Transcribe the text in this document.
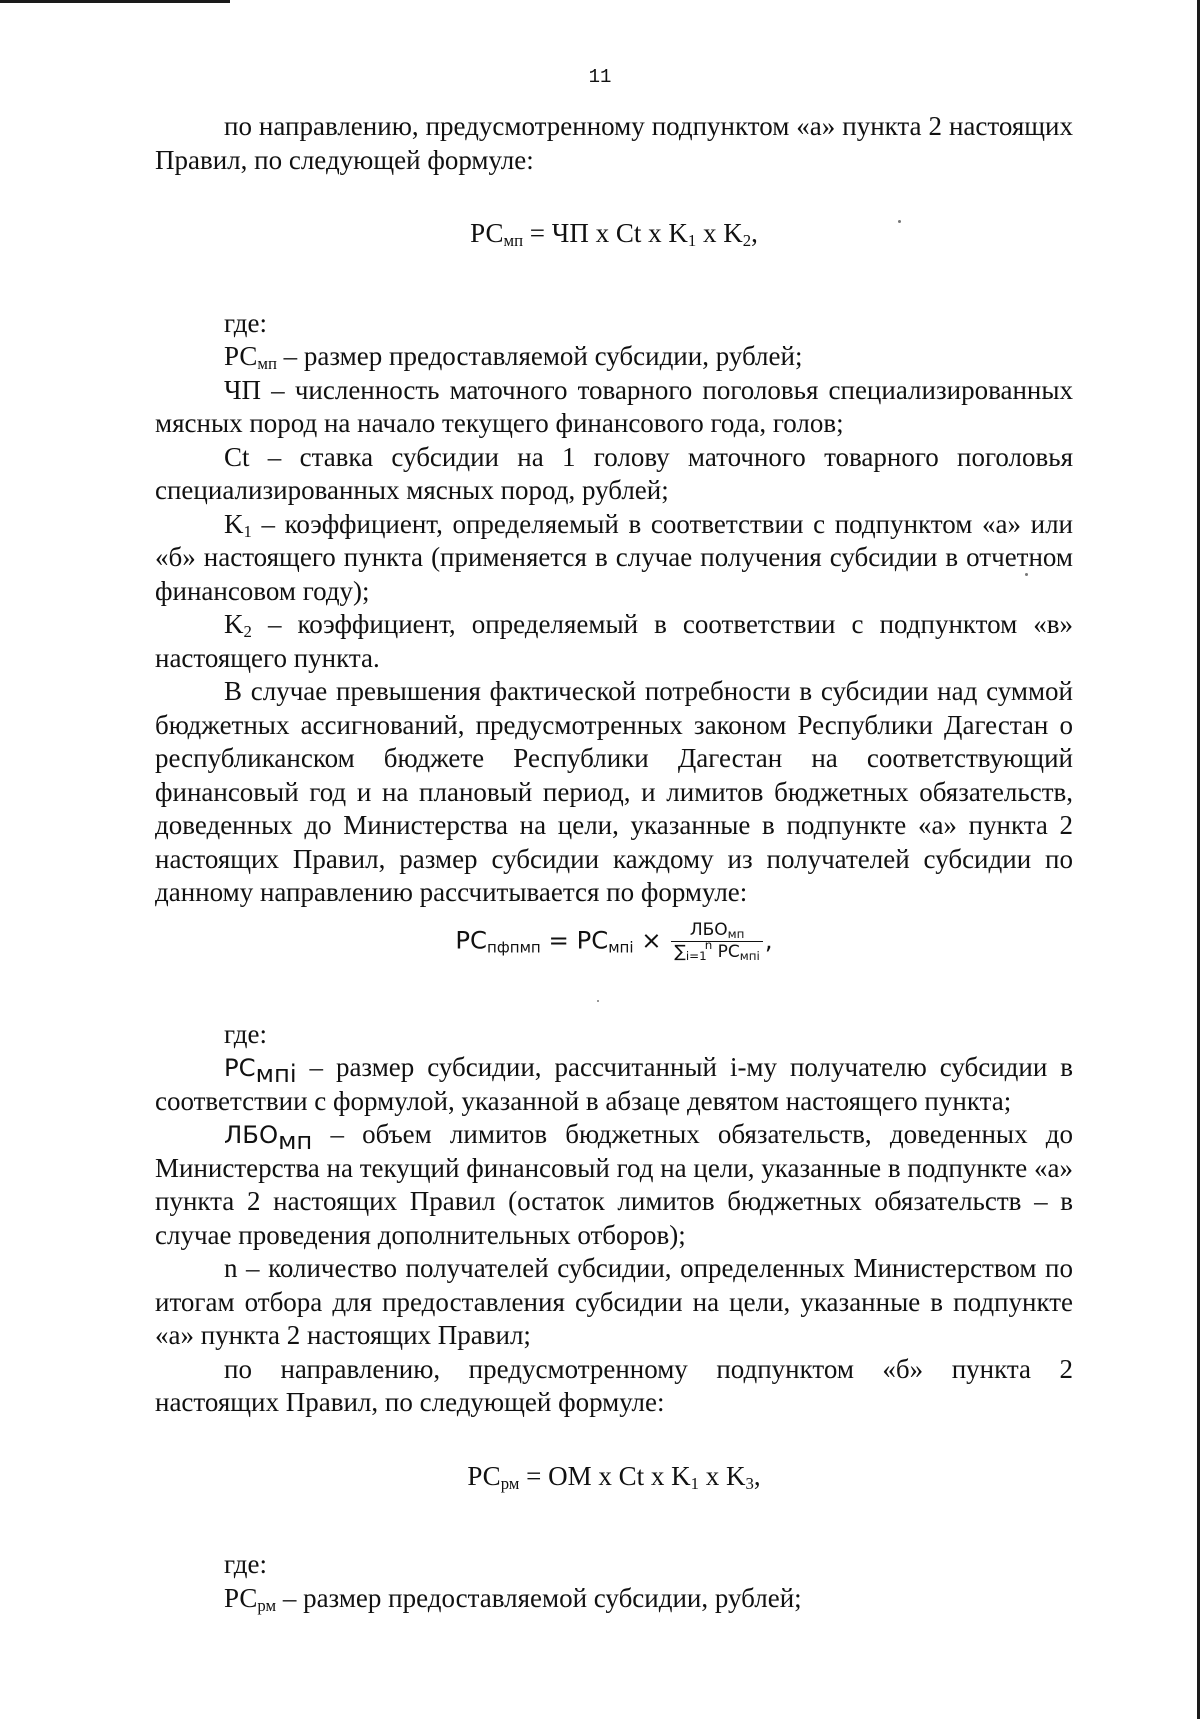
11

по направлению, предусмотренному подпунктом «а» пункта 2 настоящих Правил, по следующей формуле:

$РС_{мп}$ = ЧП x Ct x $K_1$ x $K_2$,

где:

$РС_{мп}$ – размер предоставляемой субсидии, рублей;

ЧП – численность маточного товарного поголовья специализированных мясных пород на начало текущего финансового года, голов;

Ct – ставка субсидии на 1 голову маточного товарного поголовья специализированных мясных пород, рублей;

$K_1$ – коэффициент, определяемый в соответствии с подпунктом «а» или «б» настоящего пункта (применяется в случае получения субсидии в отчетном финансовом году);

$K_2$ – коэффициент, определяемый в соответствии с подпунктом «в» настоящего пункта.

В случае превышения фактической потребности в субсидии над суммой бюджетных ассигнований, предусмотренных законом Республики Дагестан о республиканском бюджете Республики Дагестан на соответствующий финансовый год и на плановый период, и лимитов бюджетных обязательств, доведенных до Министерства на цели, указанные в подпункте «а» пункта 2 настоящих Правил, размер субсидии каждому из получателей субсидии по данному направлению рассчитывается по формуле:

$РС_{пфпмп} = РС_{мпi} \times \frac{ЛБО_{мп}}{\sum_{i=1}^n РС_{мпi}}$ ,

где:

$РС_{мпi}$ – размер субсидии, рассчитанный i-му получателю субсидии в соответствии с формулой, указанной в абзаце девятом настоящего пункта;

$ЛБО_{мп}$ – объем лимитов бюджетных обязательств, доведенных до Министерства на текущий финансовый год на цели, указанные в подпункте «а» пункта 2 настоящих Правил (остаток лимитов бюджетных обязательств – в случае проведения дополнительных отборов);

n – количество получателей субсидии, определенных Министерством по итогам отбора для предоставления субсидии на цели, указанные в подпункте «а» пункта 2 настоящих Правил;

по направлению, предусмотренному подпунктом «б» пункта 2 настоящих Правил, по следующей формуле:

$РС_{рм}$ = ОМ x Ct x $K_1$ x $K_3$,

где:

$РС_{рм}$ – размер предоставляемой субсидии, рублей;
